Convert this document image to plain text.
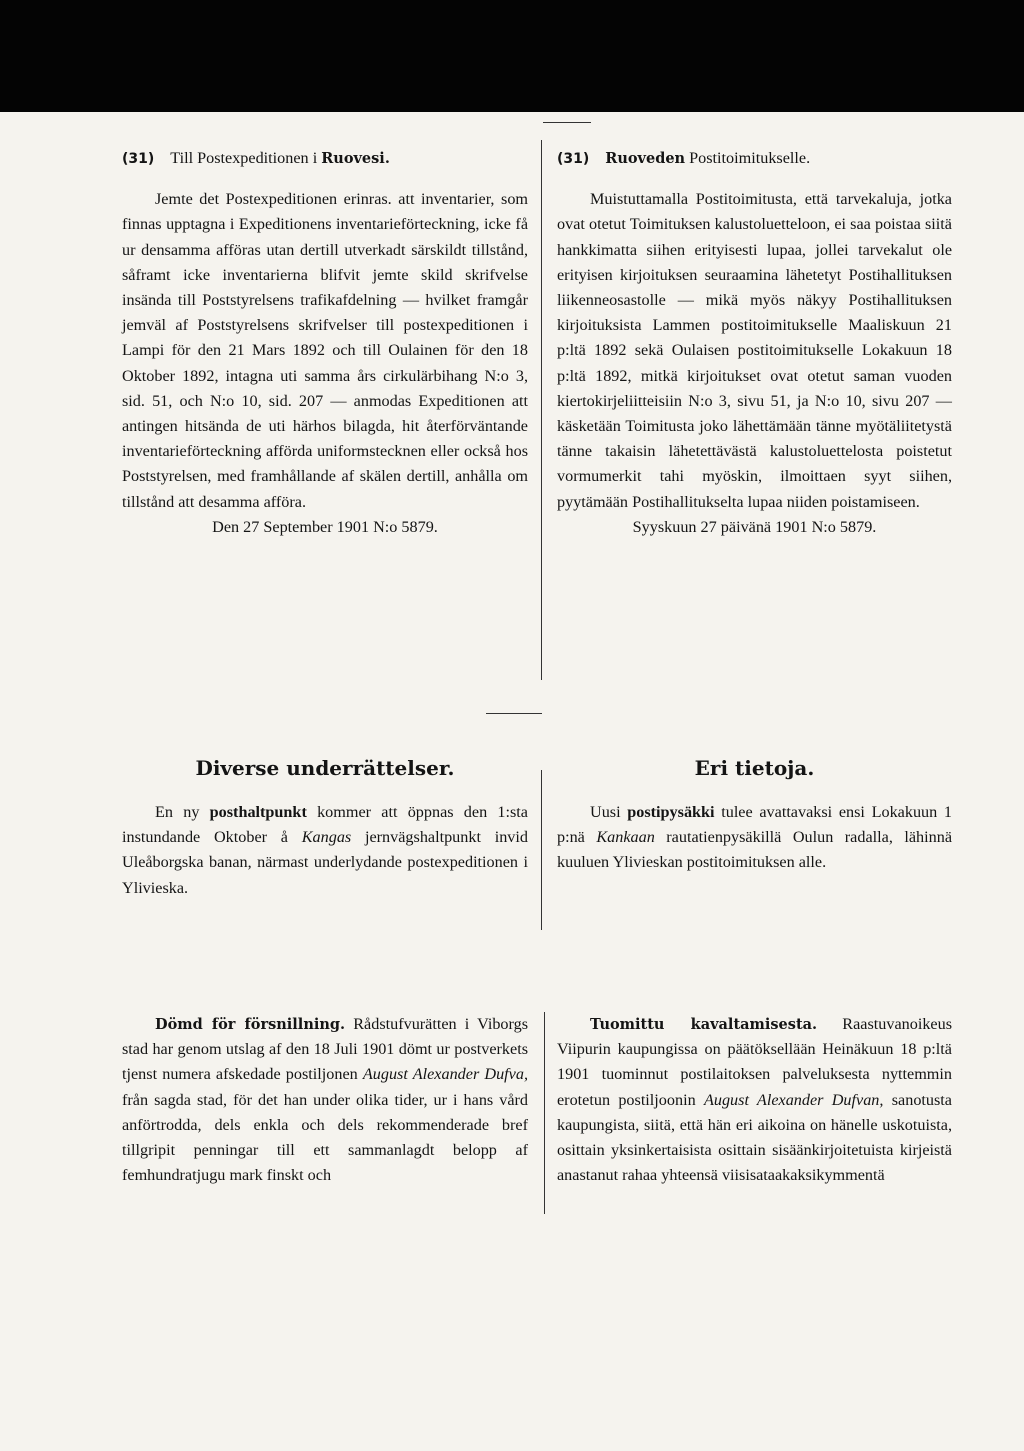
(31) Till Postexpeditionen i Ruovesi.

Jemte det Postexpeditionen erinras. att inventarier, som finnas upptagna i Expeditionens inventarieförteckning, icke få ur densamma afföras utan dertill utverkadt särskildt tillstånd, såframt icke inventarierna blifvit jemte skild skrifvelse insända till Poststyrelsens trafikafdelning — hvilket framgår jemväl af Poststyrelsens skrifvelser till postexpeditionen i Lampi för den 21 Mars 1892 och till Oulainen för den 18 Oktober 1892, intagna uti samma års cirkulärbihang N:o 3, sid. 51, och N:o 10, sid. 207 — anmodas Expeditionen att antingen hitsända de uti härhos bilagda, hit återförväntande inventarieförteckning afförda uniformstecknen eller också hos Poststyrelsen, med framhållande af skälen dertill, anhålla om tillstånd att desamma afföra.

Den 27 September 1901 N:o 5879.

(31) Ruoveden Postitoimitukselle.

Muistuttamalla Postitoimitusta, että tarvekaluja, jotka ovat otetut Toimituksen kalustoluetteloon, ei saa poistaa siitä hankkimatta siihen erityisesti lupaa, jollei tarvekalut ole erityisen kirjoituksen seuraamina lähetetyt Postihallituksen liikenneosastolle — mikä myös näkyy Postihallituksen kirjoituksista Lammen postitoimitukselle Maaliskuun 21 p:ltä 1892 sekä Oulaisen postitoimitukselle Lokakuun 18 p:ltä 1892, mitkä kirjoitukset ovat otetut saman vuoden kiertokirjeliitteisiin N:o 3, sivu 51, ja N:o 10, sivu 207 — käsketään Toimitusta joko lähettämään tänne myötäliitetystä tänne takaisin lähetettävästä kalustoluettelosta poistetut vormumerkit tahi myöskin, ilmoittaen syyt siihen, pyytämään Postihallitukselta lupaa niiden poistamiseen.

Syyskuun 27 päivänä 1901 N:o 5879.

Diverse underrättelser.	Eri tietoja.

En ny posthaltpunkt kommer att öppnas den 1:sta instundande Oktober å Kangas jernvägshaltpunkt invid Uleåborgska banan, närmast underlydande postexpeditionen i Ylivieska.

Uusi postipysäkki tulee avattavaksi ensi Lokakuun 1 p:nä Kankaan rautatienpysäkillä Oulun radalla, lähinnä kuuluen Ylivieskan postitoimituksen alle.

Dömd för försnillning. Rådstufvurätten i Viborgs stad har genom utslag af den 18 Juli 1901 dömt ur postverkets tjenst numera afskedade postiljonen August Alexander Dufva, från sagda stad, för det han under olika tider, ur i hans vård anförtrodda, dels enkla och dels rekommenderade bref tillgripit penningar till ett sammanlagdt belopp af femhundratjugu mark finskt och

Tuomittu kavaltamisesta. Raastuvanoikeus Viipurin kaupungissa on päätöksellään Heinäkuun 18 p:ltä 1901 tuominnut postilaitoksen palveluksesta nyttemmin erotetun postiljoonin August Alexander Dufvan, sanotusta kaupungista, siitä, että hän eri aikoina on hänelle uskotuista, osittain yksinkertaisista osittain sisäänkirjoitetuista kirjeistä anastanut rahaa yhteensä viisisataakaksikymmentä
